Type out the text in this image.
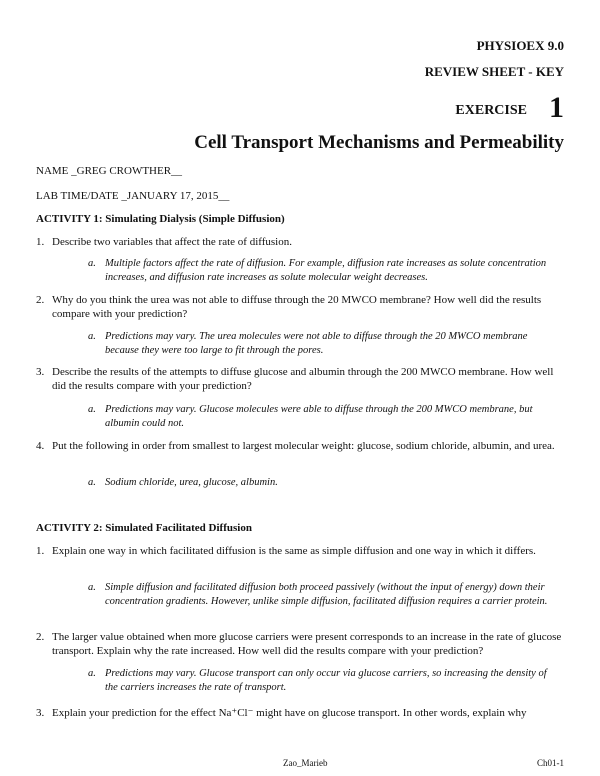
PHYSIOEX 9.0
REVIEW SHEET - KEY
EXERCISE 1
Cell Transport Mechanisms and Permeability
NAME _GREG CROWTHER__
LAB TIME/DATE _JANUARY 17, 2015__
ACTIVITY 1: Simulating Dialysis (Simple Diffusion)
1. Describe two variables that affect the rate of diffusion.
a. Multiple factors affect the rate of diffusion. For example, diffusion rate increases as solute concentration increases, and diffusion rate increases as solute molecular weight decreases.
2. Why do you think the urea was not able to diffuse through the 20 MWCO membrane? How well did the results compare with your prediction?
a. Predictions may vary. The urea molecules were not able to diffuse through the 20 MWCO membrane because they were too large to fit through the pores.
3. Describe the results of the attempts to diffuse glucose and albumin through the 200 MWCO membrane. How well did the results compare with your prediction?
a. Predictions may vary. Glucose molecules were able to diffuse through the 200 MWCO membrane, but albumin could not.
4. Put the following in order from smallest to largest molecular weight: glucose, sodium chloride, albumin, and urea.
a. Sodium chloride, urea, glucose, albumin.
ACTIVITY 2: Simulated Facilitated Diffusion
1. Explain one way in which facilitated diffusion is the same as simple diffusion and one way in which it differs.
a. Simple diffusion and facilitated diffusion both proceed passively (without the input of energy) down their concentration gradients. However, unlike simple diffusion, facilitated diffusion requires a carrier protein.
2. The larger value obtained when more glucose carriers were present corresponds to an increase in the rate of glucose transport. Explain why the rate increased. How well did the results compare with your prediction?
a. Predictions may vary. Glucose transport can only occur via glucose carriers, so increasing the density of the carriers increases the rate of transport.
3. Explain your prediction for the effect Na⁺Cl⁻ might have on glucose transport. In other words, explain why
Zao_Marieb	Ch01-1
